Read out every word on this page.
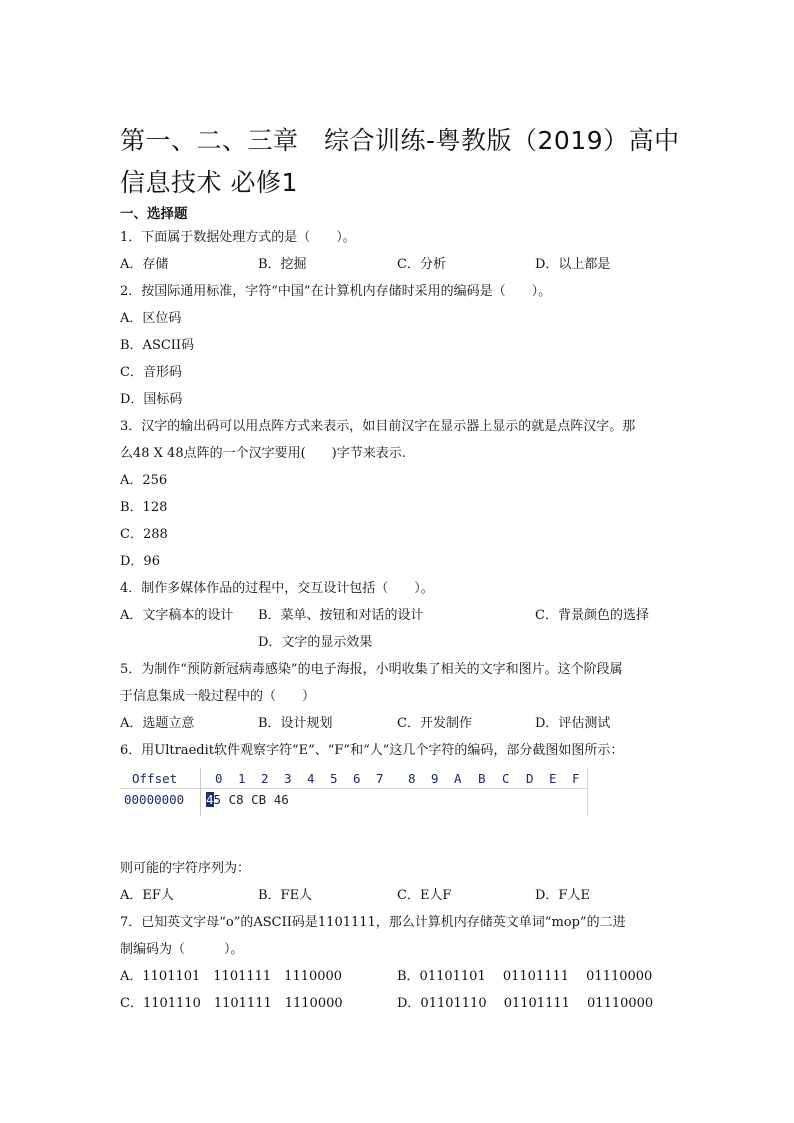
第一、二、三章　综合训练-粤教版（2019）高中信息技术 必修1
一、选择题
1．下面属于数据处理方式的是（　　）。
A．存储	B．挖掘	C．分析	D．以上都是
2．按国际通用标准，字符“中国”在计算机内存储时采用的编码是（　　）。
A．区位码
B．ASCII码
C．音形码
D．国标码
3．汉字的输出码可以用点阵方式来表示，如目前汉字在显示器上显示的就是点阵汉字。那
么48 X 48点阵的一个汉字要用(　　)字节来表示.
A．256
B．128
C．288
D．96
4．制作多媒体作品的过程中，交互设计包括（　　）。
A．文字稿本的设计 B．菜单、按钮和对话的设计	C．背景颜色的选择
D．文字的显示效果
5．为制作“预防新冠病毒感染”的电子海报，小明收集了相关的文字和图片。这个阶段属
于信息集成一般过程中的（　　）
A．选题立意	B．设计规划	C．开发制作	D．评估测试
6．用Ultraedit软件观察字符“E”、“F”和“人”这几个字符的编码，部分截图如图所示：
Offset	0 1 2 3 4 5 6 7 8 9 A B C D E F
00000000 45 C8 CB 46
则可能的字符序列为：
A．EF人	B．FE人	C．E人F	D．F人E
7．已知英文字母“o”的ASCII码是1101111，那么计算机内存储英文单词“mop”的二进
制编码为（　　　）。
A．1101101　1101111　1110000	B．01101101　 01101111　 01110000
C．1101110　1101111　1110000	D．01101110　 01101111　 01110000
